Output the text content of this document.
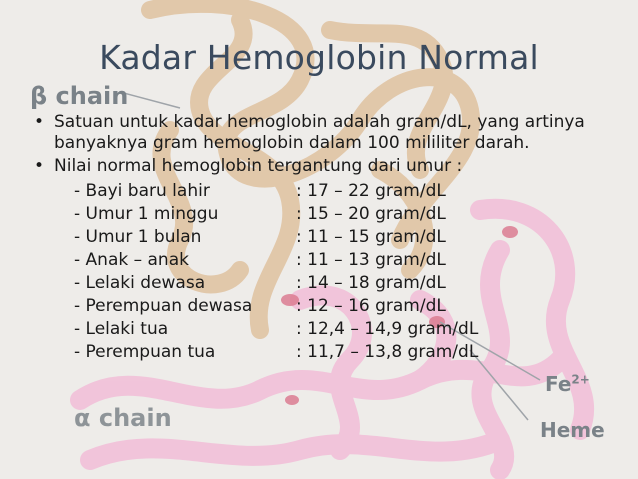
β chain
α chain
$Fe^{2+}$
Heme
Kadar Hemoglobin Normal
• Satuan untuk kadar hemoglobin adalah gram/dL, yang artinya banyaknya gram hemoglobin dalam 100 mililiter darah.
• Nilai normal hemoglobin tergantung dari umur :
- Bayi baru lahir	: 17 – 22 gram/dL
- Umur 1 minggu	: 15 – 20 gram/dL
- Umur 1 bulan	: 11 – 15 gram/dL
- Anak – anak	: 11 – 13 gram/dL
- Lelaki dewasa	: 14 – 18 gram/dL
- Perempuan dewasa	: 12 – 16 gram/dL
- Lelaki tua	: 12,4 – 14,9 gram/dL
- Perempuan tua	: 11,7 – 13,8 gram/dL
